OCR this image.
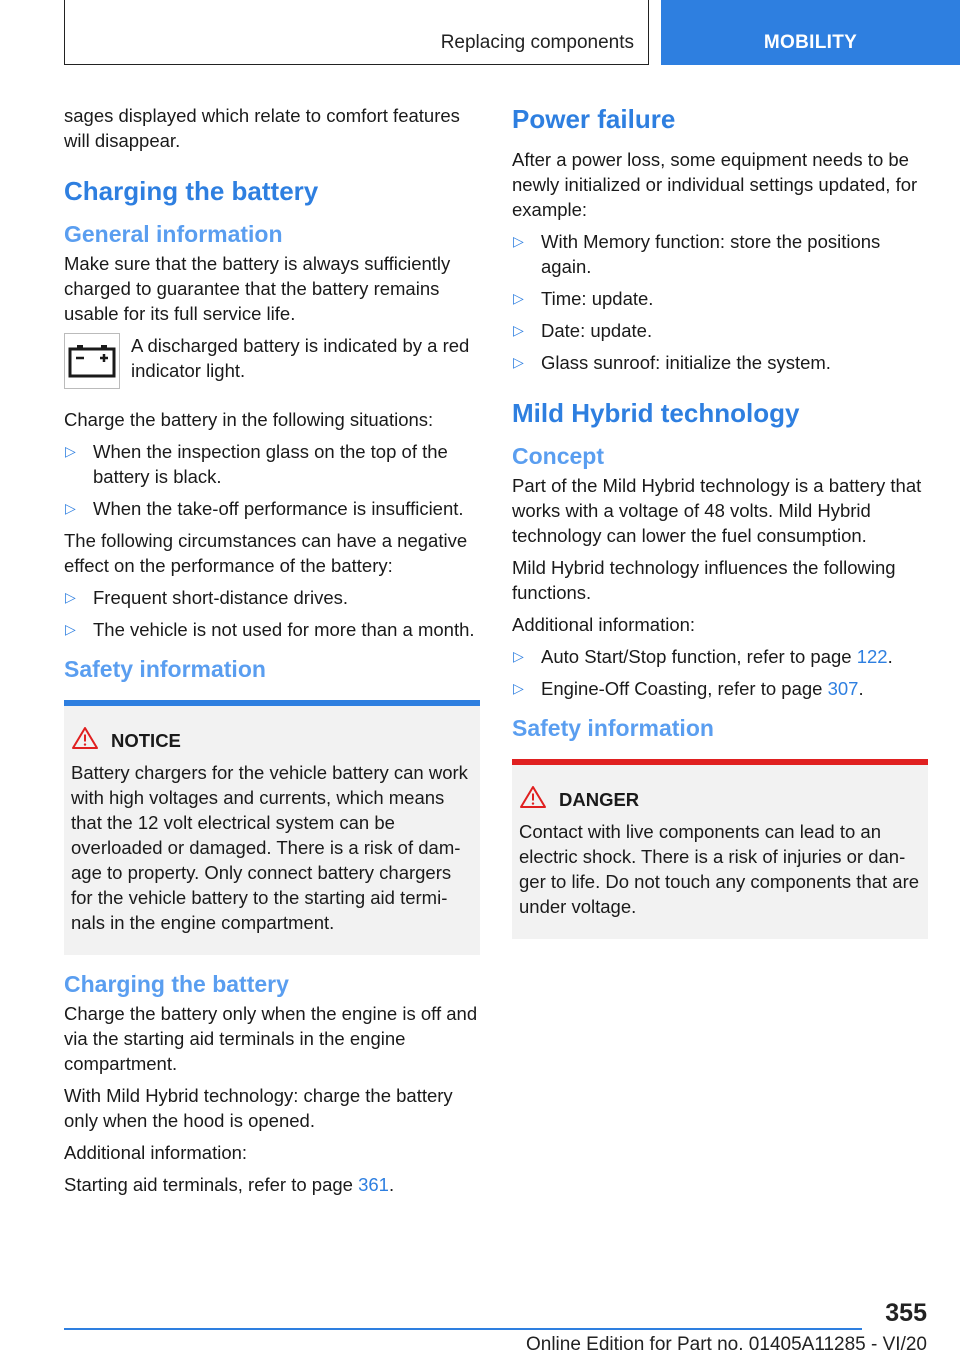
Replacing components	MOBILITY

sages displayed which relate to comfort features will disappear.

Charging the battery
General information

Make sure that the battery is always sufficiently charged to guarantee that the battery remains usable for its full service life.

A discharged battery is indicated by a red indicator light.

Charge the battery in the following situations:

▷ When the inspection glass on the top of the battery is black.
▷ When the take-off performance is insufficient.

The following circumstances can have a negative effect on the performance of the battery:

▷ Frequent short-distance drives.
▷ The vehicle is not used for more than a month.
Safety information
NOTICE
Battery chargers for the vehicle battery can work with high voltages and currents, which means that the 12 volt electrical system can be overloaded or damaged. There is a risk of damage to property. Only connect battery chargers for the vehicle battery to the starting aid terminals in the engine compartment.
Charging the battery

Charge the battery only when the engine is off and via the starting aid terminals in the engine compartment.

With Mild Hybrid technology: charge the battery only when the hood is opened.

Additional information:

Starting aid terminals, refer to page 361.

Power failure

After a power loss, some equipment needs to be newly initialized or individual settings updated, for example:

▷ With Memory function: store the positions again.
▷ Time: update.
▷ Date: update.
▷ Glass sunroof: initialize the system.
Mild Hybrid technology
Concept

Part of the Mild Hybrid technology is a battery that works with a voltage of 48 volts. Mild Hybrid technology can lower the fuel consumption.

Mild Hybrid technology influences the following functions.

Additional information:

▷ Auto Start/Stop function, refer to page 122.
▷ Engine-Off Coasting, refer to page 307.
Safety information
DANGER
Contact with live components can lead to an electric shock. There is a risk of injuries or danger to life. Do not touch any components that are under voltage.
355
Online Edition for Part no. 01405A11285 - VI/20
